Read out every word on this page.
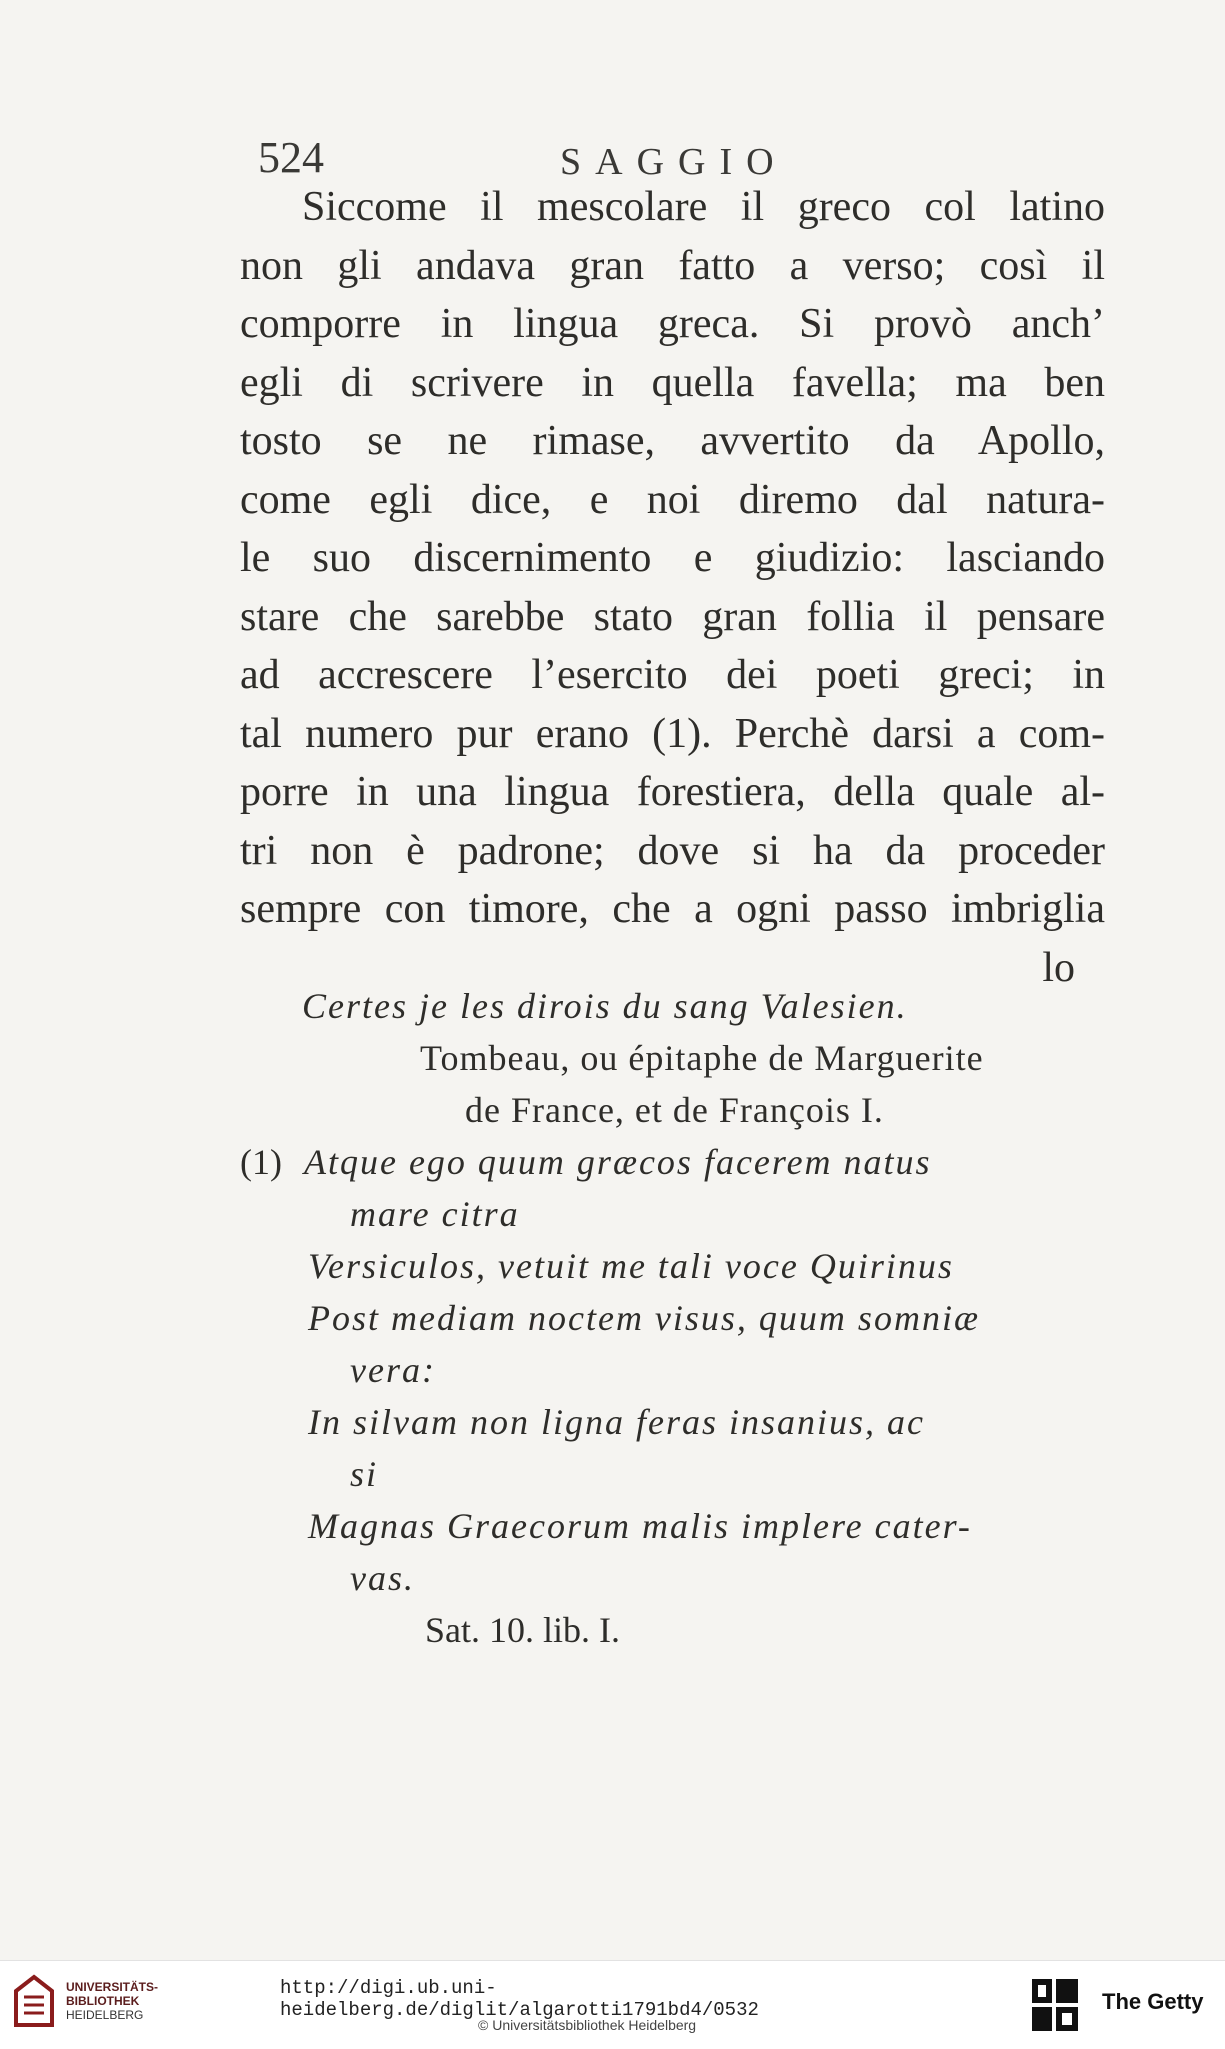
524	SAGGIO
Siccome il mescolare il greco col latino
non gli andava gran fatto a verso; così il
comporre in lingua greca. Si provò anch’
egli di scrivere in quella favella; ma ben
tosto se ne rimase, avvertito da Apollo,
come egli dice, e noi diremo dal natura-
le suo discernimento e giudizio: lasciando
stare che sarebbe stato gran follia il pensare
ad accrescere l’esercito dei poeti greci; in
tal numero pur erano (1). Perchè darsi a com-
porre in una lingua forestiera, della quale al-
tri non è padrone; dove si ha da proceder
sempre con timore, che a ogni passo imbriglia
lo
Certes je les dirois du sang Valesien.
Tombeau, ou épitaphe de Marguerite
de France, et de François I.
(1) Atque ego quum græcos facerem natus
mare citra
Versiculos, vetuit me tali voce Quirinus
Post mediam noctem visus, quum somniæ
vera:
In silvam non ligna feras insanius, ac
si
Magnas Graecorum malis implere cater-
vas.
Sat. 10. lib. I.
UNIVERSITÄTS-
BIBLIOTHEK
HEIDELBERG
http://digi.ub.uni-heidelberg.de/diglit/algarotti1791bd4/0532
© Universitätsbibliothek Heidelberg
The Getty
